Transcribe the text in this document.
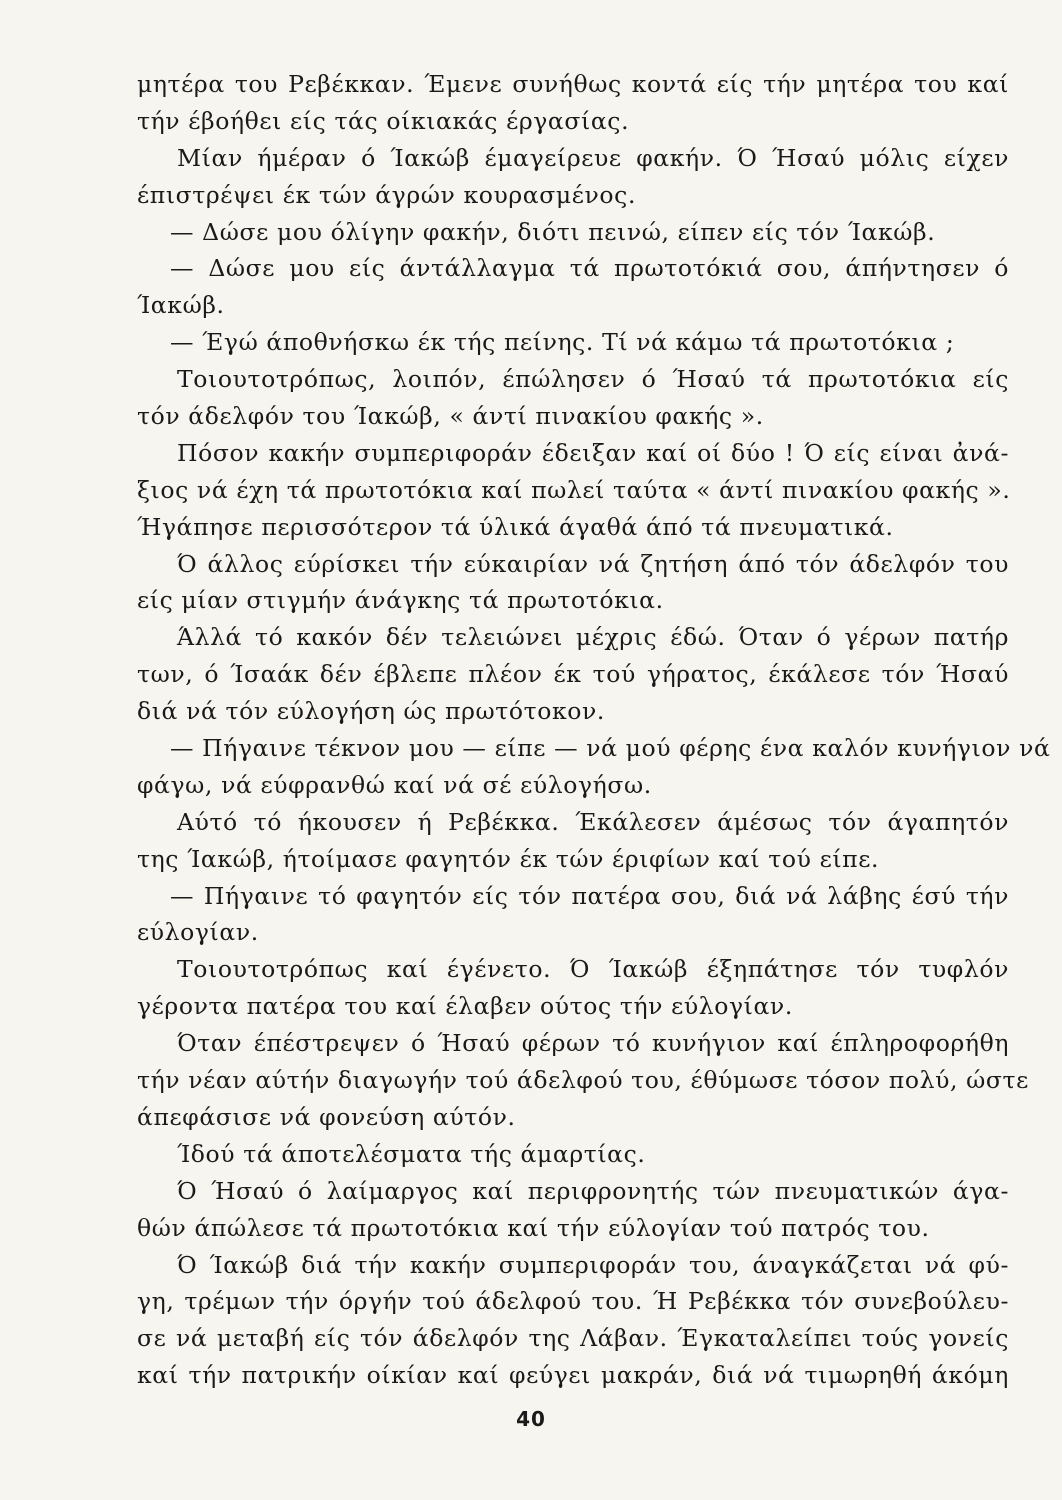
μητέρα του Ρεβέκκαν. Έμενε συνήθως κοντά είς τήν μητέρα του καί
τήν έβοήθει είς τάς οίκιακάς έργασίας.
Μίαν ήμέραν ό Ίακώβ έμαγείρευε φακήν. Ό Ήσαύ μόλις είχεν
έπιστρέψει έκ τών άγρών κουρασμένος.
— Δώσε μου όλίγην φακήν, διότι πεινώ, είπεν είς τόν Ίακώβ.
— Δώσε μου είς άντάλλαγμα τά πρωτοτόκιά σου, άπήντησεν ό
Ίακώβ.
— Έγώ άποθνήσκω έκ τής πείνης. Τί νά κάμω τά πρωτοτόκια ;
Τοιουτοτρόπως, λοιπόν, έπώλησεν ό Ήσαύ τά πρωτοτόκια είς
τόν άδελφόν του Ίακώβ, « άντί πινακίου φακής ».
Πόσον κακήν συμπεριφοράν έδειξαν καί οί δύο ! Ό είς είναι ἀνά-
ξιος νά έχη τά πρωτοτόκια καί πωλεί ταύτα « άντί πινακίου φακής ».
Ήγάπησε περισσότερον τά ύλικά άγαθά άπό τά πνευματικά.
Ό άλλος εύρίσκει τήν εύκαιρίαν νά ζητήση άπό τόν άδελφόν του
είς μίαν στιγμήν άνάγκης τά πρωτοτόκια.
Άλλά τό κακόν δέν τελειώνει μέχρις έδώ. Όταν ό γέρων πατήρ
των, ό Ίσαάκ δέν έβλεπε πλέον έκ τού γήρατος, έκάλεσε τόν Ήσαύ
διά νά τόν εύλογήση ώς πρωτότοκον.
— Πήγαινε τέκνον μου — είπε — νά μού φέρης ένα καλόν κυνήγιον νά
φάγω, νά εύφρανθώ καί νά σέ εύλογήσω.
Αύτό τό ήκουσεν ή Ρεβέκκα. Έκάλεσεν άμέσως τόν άγαπητόν
της Ίακώβ, ήτοίμασε φαγητόν έκ τών έριφίων καί τού είπε.
— Πήγαινε τό φαγητόν είς τόν πατέρα σου, διά νά λάβης έσύ τήν
εύλογίαν.
Τοιουτοτρόπως καί έγένετο. Ό Ίακώβ έξηπάτησε τόν τυφλόν
γέροντα πατέρα του καί έλαβεν ούτος τήν εύλογίαν.
Όταν έπέστρεψεν ό Ήσαύ φέρων τό κυνήγιον καί έπληροφορήθη
τήν νέαν αύτήν διαγωγήν τού άδελφού του, έθύμωσε τόσον πολύ, ώστε
άπεφάσισε νά φονεύση αύτόν.
Ίδού τά άποτελέσματα τής άμαρτίας.
Ό Ήσαύ ό λαίμαργος καί περιφρονητής τών πνευματικών άγα-
θών άπώλεσε τά πρωτοτόκια καί τήν εύλογίαν τού πατρός του.
Ό Ίακώβ διά τήν κακήν συμπεριφοράν του, άναγκάζεται νά φύ-
γη, τρέμων τήν όργήν τού άδελφού του. Ή Ρεβέκκα τόν συνεβούλευ-
σε νά μεταβή είς τόν άδελφόν της Λάβαν. Έγκαταλείπει τούς γονείς
καί τήν πατρικήν οίκίαν καί φεύγει μακράν, διά νά τιμωρηθή άκόμη
40
